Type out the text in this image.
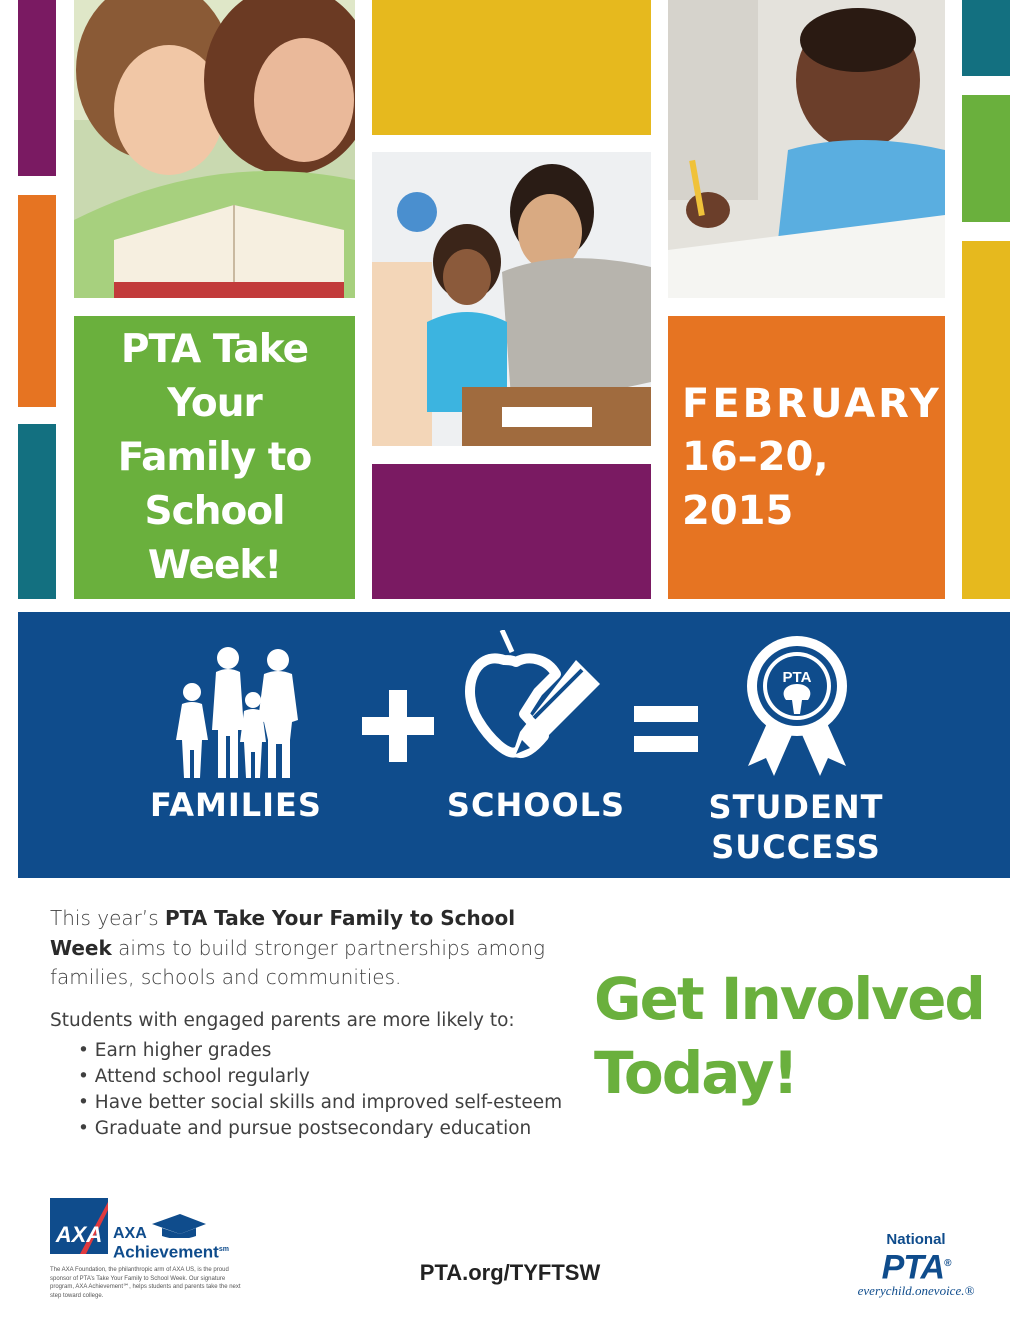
PTA Take
Your
Family to
School
Week!
FEBRUARY
16–20, 2015
PTA
FAMILIES	SCHOOLS	STUDENT
SUCCESS

This year’s PTA Take Your Family to School Week aims to build stronger partnerships among families, schools and communities.

Students with engaged parents are more likely to:

• Earn higher grades
• Attend school regularly
• Have better social skills and improved self-esteem
• Graduate and pursue postsecondary education
Get Involved
Today!
AXA AXA
Achievement$^{sm}$
The AXA Foundation, the philanthropic arm of AXA US, is the proud sponsor of PTA’s Take Your Family to School Week. Our signature program, AXA Achievement℠, helps students and parents take the next step toward college.
PTA.org/TYFTSW
National
PTA®
everychild.onevoice.®
